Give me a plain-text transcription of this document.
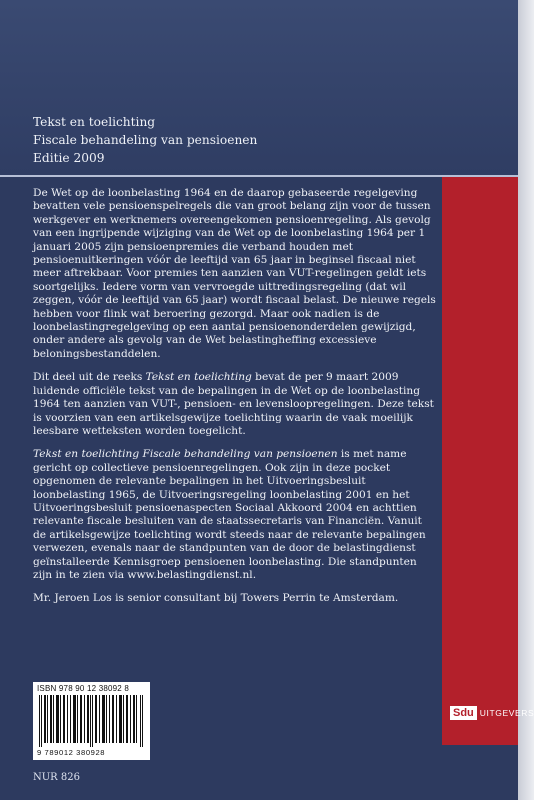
Tekst en toelichting
Fiscale behandeling van pensioenen
Editie 2009

De Wet op de loonbelasting 1964 en de daarop gebaseerde regelgeving bevatten vele pensioenspelregels die van groot belang zijn voor de tussen werkgever en werknemers overeengekomen pensioenregeling. Als gevolg van een ingrijpende wijziging van de Wet op de loonbelasting 1964 per 1 januari 2005 zijn pensioenpremies die verband houden met pensioenuitkeringen vóór de leeftijd van 65 jaar in beginsel fiscaal niet meer aftrekbaar. Voor premies ten aanzien van VUT-regelingen geldt iets soortgelijks. Iedere vorm van vervroegde uittredingsregeling (dat wil zeggen, vóór de leeftijd van 65 jaar) wordt fiscaal belast. De nieuwe regels hebben voor flink wat beroering gezorgd. Maar ook nadien is de loonbelastingregelgeving op een aantal pensioenonderdelen gewijzigd, onder andere als gevolg van de Wet belastingheffing excessieve beloningsbestanddelen.

Dit deel uit de reeks Tekst en toelichting bevat de per 9 maart 2009 luidende officiële tekst van de bepalingen in de Wet op de loonbelasting 1964 ten aanzien van VUT-, pensioen- en levensloopregelingen. Deze tekst is voorzien van een artikelsgewijze toelichting waarin de vaak moeilijk leesbare wetteksten worden toegelicht.

Tekst en toelichting Fiscale behandeling van pensioenen is met name gericht op collectieve pensioenregelingen. Ook zijn in deze pocket opgenomen de relevante bepalingen in het Uitvoeringsbesluit loonbelasting 1965, de Uitvoeringsregeling loonbelasting 2001 en het Uitvoeringsbesluit pensioenaspecten Sociaal Akkoord 2004 en achttien relevante fiscale besluiten van de staatssecretaris van Financiën. Vanuit de artikelsgewijze toelichting wordt steeds naar de relevante bepalingen verwezen, evenals naar de standpunten van de door de belastingdienst geïnstalleerde Kennisgroep pensioenen loonbelasting. Die standpunten zijn in te zien via www.belastingdienst.nl.

Mr. Jeroen Los is senior consultant bij Towers Perrin te Amsterdam.

ISBN 978 90 12 38092 8
9 789012 380928
NUR 826
Sdu UITGEVERS
